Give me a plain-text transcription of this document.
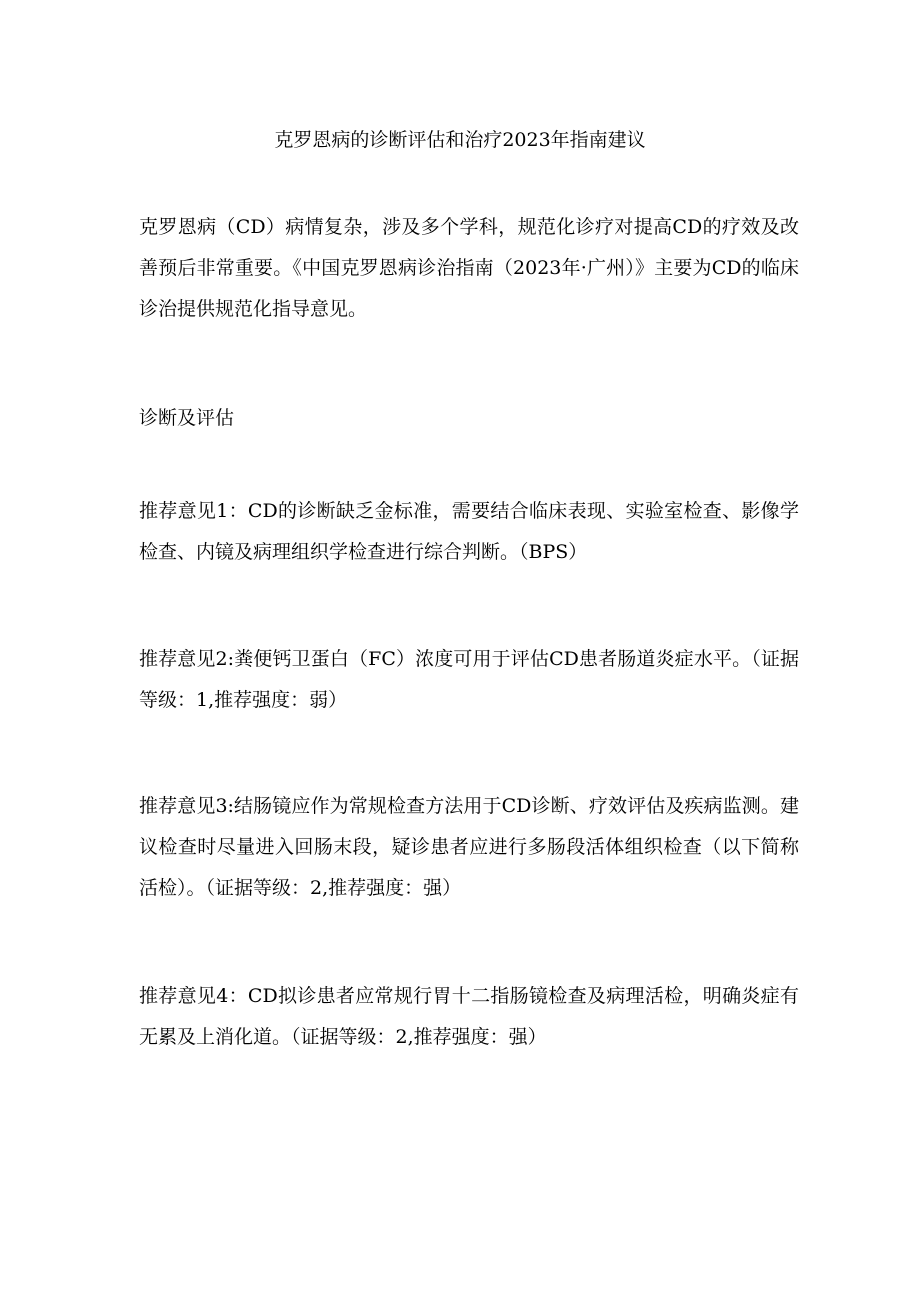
克罗恩病的诊断评估和治疗2023年指南建议

克罗恩病（CD）病情复杂，涉及多个学科，规范化诊疗对提高CD的疗效及改善预后非常重要。《中国克罗恩病诊治指南（2023年·广州）》主要为CD的临床诊治提供规范化指导意见。

诊断及评估

推荐意见1：CD的诊断缺乏金标准，需要结合临床表现、实验室检查、影像学检查、内镜及病理组织学检查进行综合判断。（BPS）

推荐意见2:粪便钙卫蛋白（FC）浓度可用于评估CD患者肠道炎症水平。（证据等级：1,推荐强度：弱）

推荐意见3:结肠镜应作为常规检查方法用于CD诊断、疗效评估及疾病监测。建议检查时尽量进入回肠末段，疑诊患者应进行多肠段活体组织检查（以下简称活检）。（证据等级：2,推荐强度：强）

推荐意见4：CD拟诊患者应常规行胃十二指肠镜检查及病理活检，明确炎症有无累及上消化道。（证据等级：2,推荐强度：强）
